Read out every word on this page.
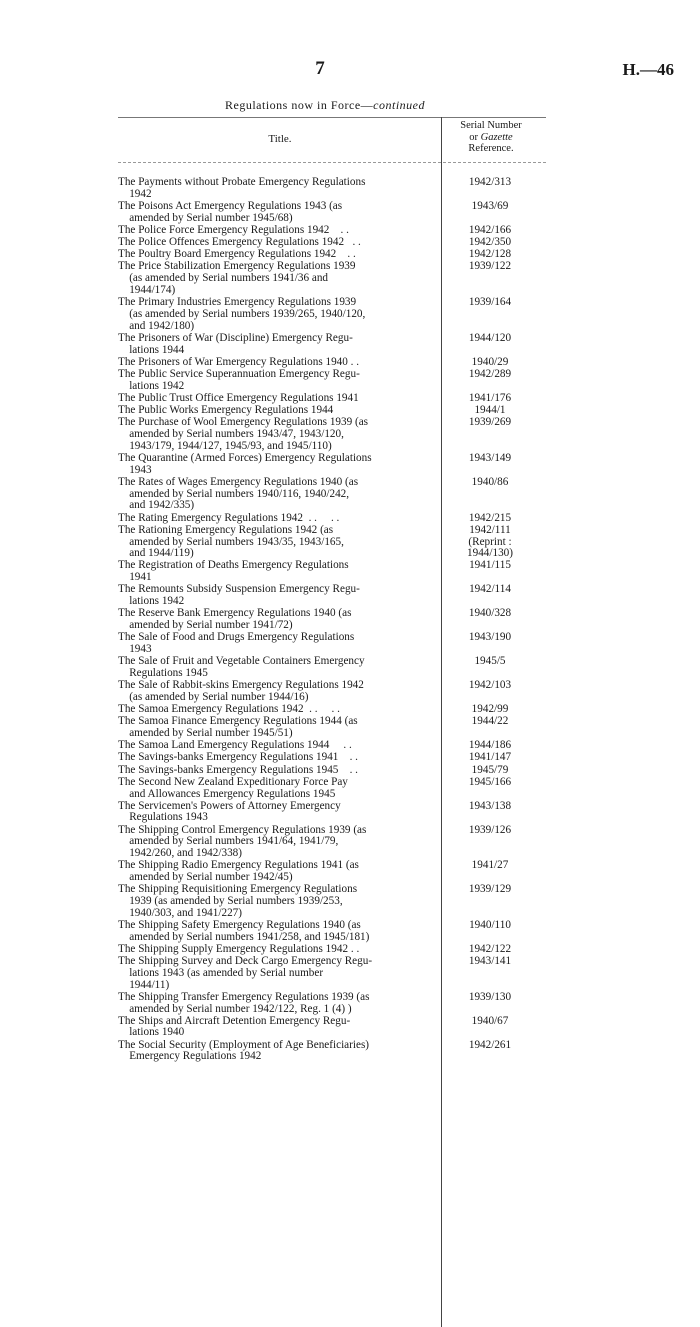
7	H.—46
Regulations now in Force—continued
Title.
Serial Number
or Gazette
Reference.
The Payments without Probate Emergency Regulations
1942
1942/313
The Poisons Act Emergency Regulations 1943 (as
amended by Serial number 1945/68)
1943/69
The Police Force Emergency Regulations 1942    . .	1942/166
The Police Offences Emergency Regulations 1942   . .	1942/350
The Poultry Board Emergency Regulations 1942    . .	1942/128
The Price Stabilization Emergency Regulations 1939
(as amended by Serial numbers 1941/36 and
1944/174)
1939/122
The Primary Industries Emergency Regulations 1939
(as amended by Serial numbers 1939/265, 1940/120,
and 1942/180)
1939/164
The Prisoners of War (Discipline) Emergency Regu-
lations 1944
1944/120
The Prisoners of War Emergency Regulations 1940 . .	1940/29
The Public Service Superannuation Emergency Regu-
lations 1942
1942/289
The Public Trust Office Emergency Regulations 1941	1941/176
The Public Works Emergency Regulations 1944	1944/1
The Purchase of Wool Emergency Regulations 1939 (as
amended by Serial numbers 1943/47, 1943/120,
1943/179, 1944/127, 1945/93, and 1945/110)
1939/269
The Quarantine (Armed Forces) Emergency Regulations
1943
1943/149
The Rates of Wages Emergency Regulations 1940 (as
amended by Serial numbers 1940/116, 1940/242,
and 1942/335)
1940/86
The Rating Emergency Regulations 1942  . .     . .	1942/215
The Rationing Emergency Regulations 1942 (as
amended by Serial numbers 1943/35, 1943/165,
and 1944/119)
1942/111
(Reprint :
1944/130)
The Registration of Deaths Emergency Regulations
1941
1941/115
The Remounts Subsidy Suspension Emergency Regu-
lations 1942
1942/114
The Reserve Bank Emergency Regulations 1940 (as
amended by Serial number 1941/72)
1940/328
The Sale of Food and Drugs Emergency Regulations
1943
1943/190
The Sale of Fruit and Vegetable Containers Emergency
Regulations 1945
1945/5
The Sale of Rabbit-skins Emergency Regulations 1942
(as amended by Serial number 1944/16)
1942/103
The Samoa Emergency Regulations 1942  . .     . .	1942/99
The Samoa Finance Emergency Regulations 1944 (as
amended by Serial number 1945/51)
1944/22
The Samoa Land Emergency Regulations 1944     . .	1944/186
The Savings-banks Emergency Regulations 1941    . .	1941/147
The Savings-banks Emergency Regulations 1945    . .	1945/79
The Second New Zealand Expeditionary Force Pay
and Allowances Emergency Regulations 1945
1945/166
The Servicemen's Powers of Attorney Emergency
Regulations 1943
1943/138
The Shipping Control Emergency Regulations 1939 (as
amended by Serial numbers 1941/64, 1941/79,
1942/260, and 1942/338)
1939/126
The Shipping Radio Emergency Regulations 1941 (as
amended by Serial number 1942/45)
1941/27
The Shipping Requisitioning Emergency Regulations
1939 (as amended by Serial numbers 1939/253,
1940/303, and 1941/227)
1939/129
The Shipping Safety Emergency Regulations 1940 (as
amended by Serial numbers 1941/258, and 1945/181)
1940/110
The Shipping Supply Emergency Regulations 1942 . .	1942/122
The Shipping Survey and Deck Cargo Emergency Regu-
lations 1943 (as amended by Serial number
1944/11)
1943/141
The Shipping Transfer Emergency Regulations 1939 (as
amended by Serial number 1942/122, Reg. 1 (4) )
1939/130
The Ships and Aircraft Detention Emergency Regu-
lations 1940
1940/67
The Social Security (Employment of Age Beneficiaries)
Emergency Regulations 1942
1942/261
